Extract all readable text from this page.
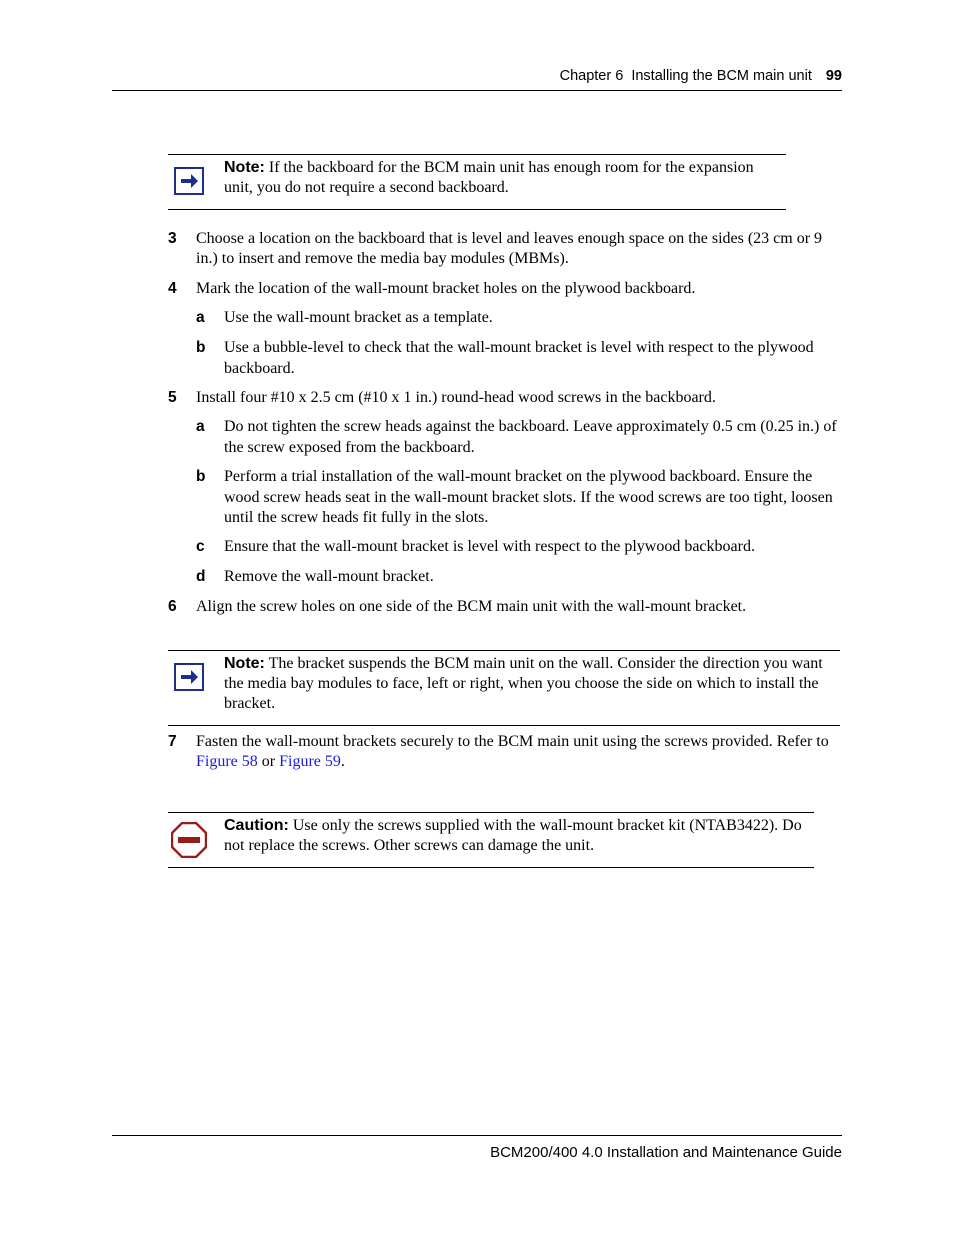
Chapter 6  Installing the BCM main unit 99
Note: If the backboard for the BCM main unit has enough room for the expansion unit, you do not require a second backboard.
3 Choose a location on the backboard that is level and leaves enough space on the sides (23 cm or 9 in.) to insert and remove the media bay modules (MBMs).
4 Mark the location of the wall-mount bracket holes on the plywood backboard.
a Use the wall-mount bracket as a template.
b Use a bubble-level to check that the wall-mount bracket is level with respect to the plywood backboard.
5 Install four #10 x 2.5 cm (#10 x 1 in.) round-head wood screws in the backboard.
a Do not tighten the screw heads against the backboard. Leave approximately 0.5 cm (0.25 in.) of the screw exposed from the backboard.
b Perform a trial installation of the wall-mount bracket on the plywood backboard. Ensure the wood screw heads seat in the wall-mount bracket slots. If the wood screws are too tight, loosen until the screw heads fit fully in the slots.
c Ensure that the wall-mount bracket is level with respect to the plywood backboard.
d Remove the wall-mount bracket.
6 Align the screw holes on one side of the BCM main unit with the wall-mount bracket.
Note: The bracket suspends the BCM main unit on the wall. Consider the direction you want the media bay modules to face, left or right, when you choose the side on which to install the bracket.
7 Fasten the wall-mount brackets securely to the BCM main unit using the screws provided. Refer to Figure 58 or Figure 59.
Caution: Use only the screws supplied with the wall-mount bracket kit (NTAB3422). Do not replace the screws. Other screws can damage the unit.
BCM200/400 4.0 Installation and Maintenance Guide
